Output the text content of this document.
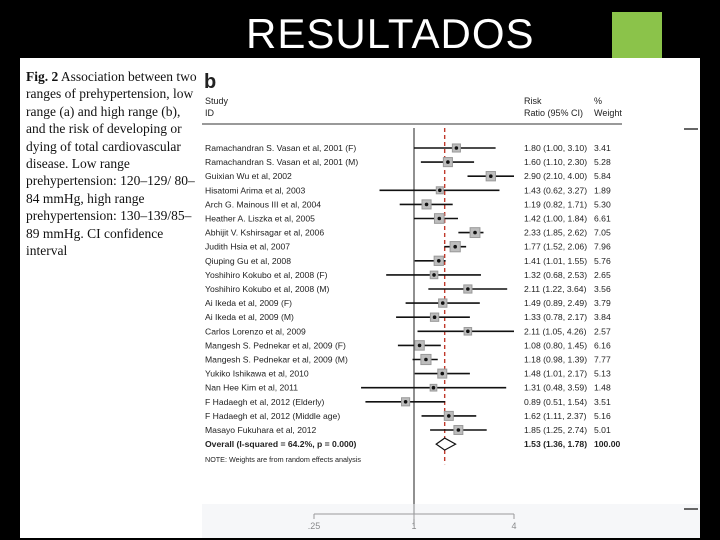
RESULTADOS
Fig. 2 Association between two ranges of prehypertension, low range (a) and high range (b), and the risk of developing or dying of total cardiovascular disease. Low range prehypertension: 120–129/ 80–84 mmHg, high range prehypertension: 130–139/85–89 mmHg. CI confidence interval
b
Study
ID
Risk
Ratio (95% CI)
%
Weight
Ramachandran S. Vasan et al, 2001 (F)	1.80 (1.00, 3.10) 3.41
Ramachandran S. Vasan et al, 2001 (M)	1.60 (1.10, 2.30) 5.28
Guixian Wu et al, 2002	2.90 (2.10, 4.00) 5.84
Hisatomi Arima et al, 2003	1.43 (0.62, 3.27) 1.89
Arch G. Mainous III et al, 2004	1.19 (0.82, 1.71) 5.30
Heather A. Liszka et al, 2005	1.42 (1.00, 1.84) 6.61
Abhijit V. Kshirsagar et al, 2006	2.33 (1.85, 2.62) 7.05
Judith Hsia et al, 2007	1.77 (1.52, 2.06) 7.96
Qiuping Gu et al, 2008	1.41 (1.01, 1.55) 5.76
Yoshihiro Kokubo et al, 2008 (F)	1.32 (0.68, 2.53) 2.65
Yoshihiro Kokubo et al, 2008 (M)	2.11 (1.22, 3.64) 3.56
Ai Ikeda et al, 2009 (F)	1.49 (0.89, 2.49) 3.79
Ai Ikeda et al, 2009 (M)	1.33 (0.78, 2.17) 3.84
Carlos Lorenzo et al, 2009	2.11 (1.05, 4.26) 2.57
Mangesh S. Pednekar et al, 2009 (F)	1.08 (0.80, 1.45) 6.16
Mangesh S. Pednekar et al, 2009 (M)	1.18 (0.98, 1.39) 7.77
Yukiko Ishikawa et al, 2010	1.48 (1.01, 2.17) 5.13
Nan Hee Kim et al, 2011	1.31 (0.48, 3.59) 1.48
F Hadaegh et al, 2012 (Elderly)	0.89 (0.51, 1.54) 3.51
F Hadaegh et al, 2012 (Middle age)	1.62 (1.11, 2.37) 5.16
Masayo Fukuhara et al, 2012	1.85 (1.25, 2.74) 5.01
Overall (I-squared = 64.2%, p = 0.000)	1.53 (1.36, 1.78) 100.00
NOTE: Weights are from random effects analysis
